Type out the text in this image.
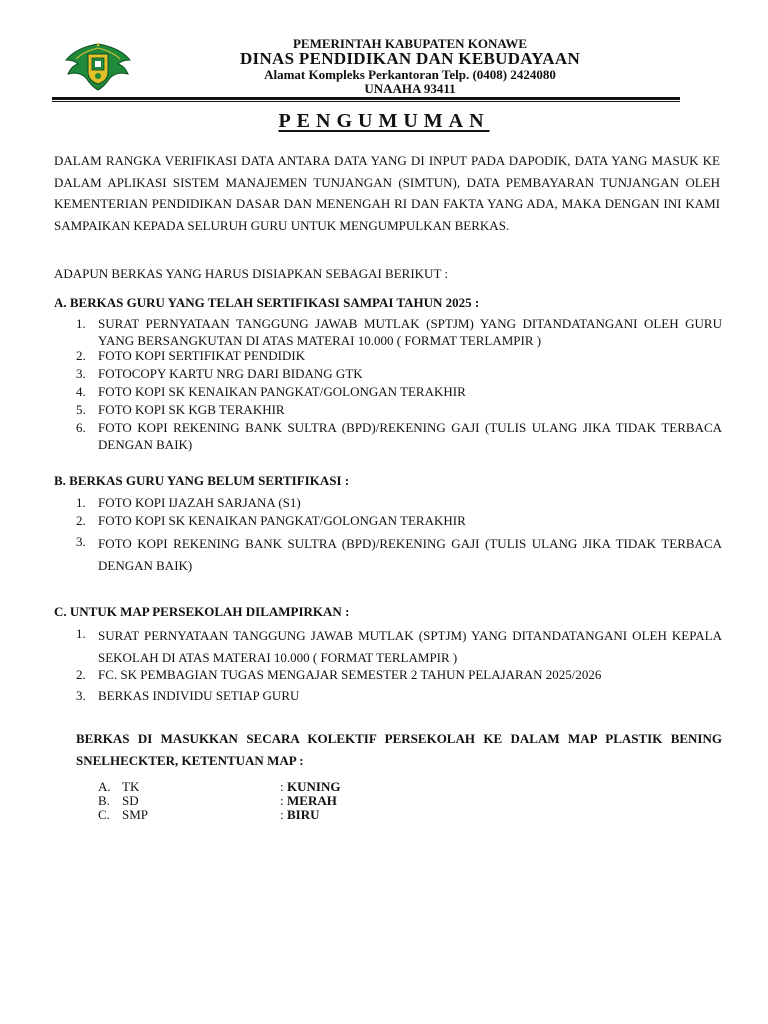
PEMERINTAH KABUPATEN KONAWE
DINAS PENDIDIKAN DAN KEBUDAYAAN
Alamat Kompleks Perkantoran Telp. (0408) 2424080
UNAAHA 93411
PENGUMUMAN
DALAM RANGKA VERIFIKASI DATA ANTARA DATA YANG DI INPUT PADA DAPODIK, DATA YANG MASUK KE DALAM APLIKASI SISTEM MANAJEMEN TUNJANGAN (SIMTUN), DATA PEMBAYARAN TUNJANGAN OLEH KEMENTERIAN PENDIDIKAN DASAR DAN MENENGAH RI DAN FAKTA YANG ADA, MAKA DENGAN INI KAMI SAMPAIKAN KEPADA SELURUH GURU UNTUK MENGUMPULKAN BERKAS.
ADAPUN BERKAS YANG HARUS DISIAPKAN SEBAGAI BERIKUT :
A. BERKAS GURU YANG TELAH SERTIFIKASI SAMPAI TAHUN 2025 :
1. SURAT PERNYATAAN TANGGUNG JAWAB MUTLAK (SPTJM) YANG DITANDATANGANI OLEH GURU YANG BERSANGKUTAN DI ATAS MATERAI 10.000 ( FORMAT TERLAMPIR )
2. FOTO KOPI SERTIFIKAT PENDIDIK
3. FOTOCOPY KARTU NRG DARI BIDANG GTK
4. FOTO KOPI SK KENAIKAN PANGKAT/GOLONGAN TERAKHIR
5. FOTO KOPI SK KGB TERAKHIR
6. FOTO KOPI REKENING BANK SULTRA (BPD)/REKENING GAJI (TULIS ULANG JIKA TIDAK TERBACA DENGAN BAIK)
B. BERKAS GURU YANG BELUM SERTIFIKASI :
1. FOTO KOPI IJAZAH SARJANA (S1)
2. FOTO KOPI SK KENAIKAN PANGKAT/GOLONGAN TERAKHIR
3. FOTO KOPI REKENING BANK SULTRA (BPD)/REKENING GAJI (TULIS ULANG JIKA TIDAK TERBACA DENGAN BAIK)
C. UNTUK MAP PERSEKOLAH DILAMPIRKAN :
1. SURAT PERNYATAAN TANGGUNG JAWAB MUTLAK (SPTJM) YANG DITANDATANGANI OLEH KEPALA SEKOLAH DI ATAS MATERAI 10.000 ( FORMAT TERLAMPIR )
2. FC. SK PEMBAGIAN TUGAS MENGAJAR SEMESTER 2 TAHUN PELAJARAN 2025/2026
3. BERKAS INDIVIDU SETIAP GURU
BERKAS DI MASUKKAN SECARA KOLEKTIF PERSEKOLAH KE DALAM MAP PLASTIK BENING SNELHECKTER, KETENTUAN MAP :
A. TK	: KUNING
B. SD	: MERAH
C. SMP	: BIRU
